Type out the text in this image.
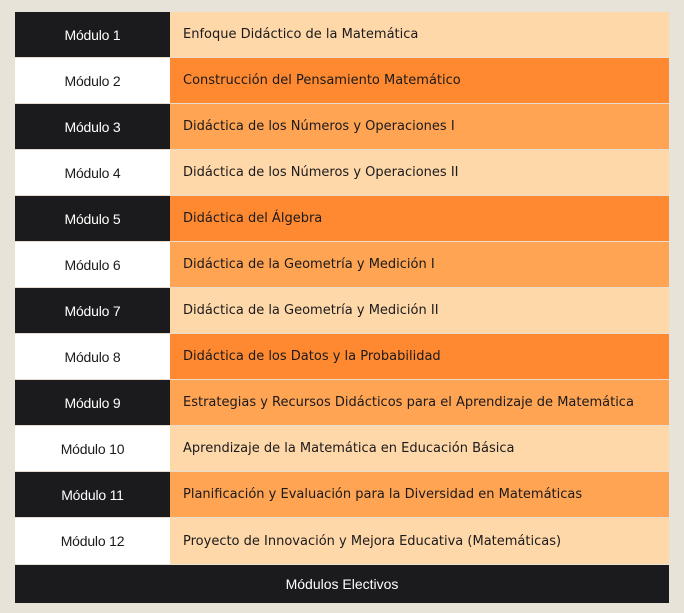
Módulo 1	Enfoque Didáctico de la Matemática
Módulo 2	Construcción del Pensamiento Matemático
Módulo 3	Didáctica de los Números y Operaciones I
Módulo 4	Didáctica de los Números y Operaciones II
Módulo 5	Didáctica del Álgebra
Módulo 6	Didáctica de la Geometría y Medición I
Módulo 7	Didáctica de la Geometría y Medición II
Módulo 8	Didáctica de los Datos y la Probabilidad
Módulo 9	Estrategias y Recursos Didácticos para el Aprendizaje de Matemática
Módulo 10	Aprendizaje de la Matemática en Educación Básica
Módulo 11	Planificación y Evaluación para la Diversidad en Matemáticas
Módulo 12	Proyecto de Innovación y Mejora Educativa (Matemáticas)
Módulos Electivos
